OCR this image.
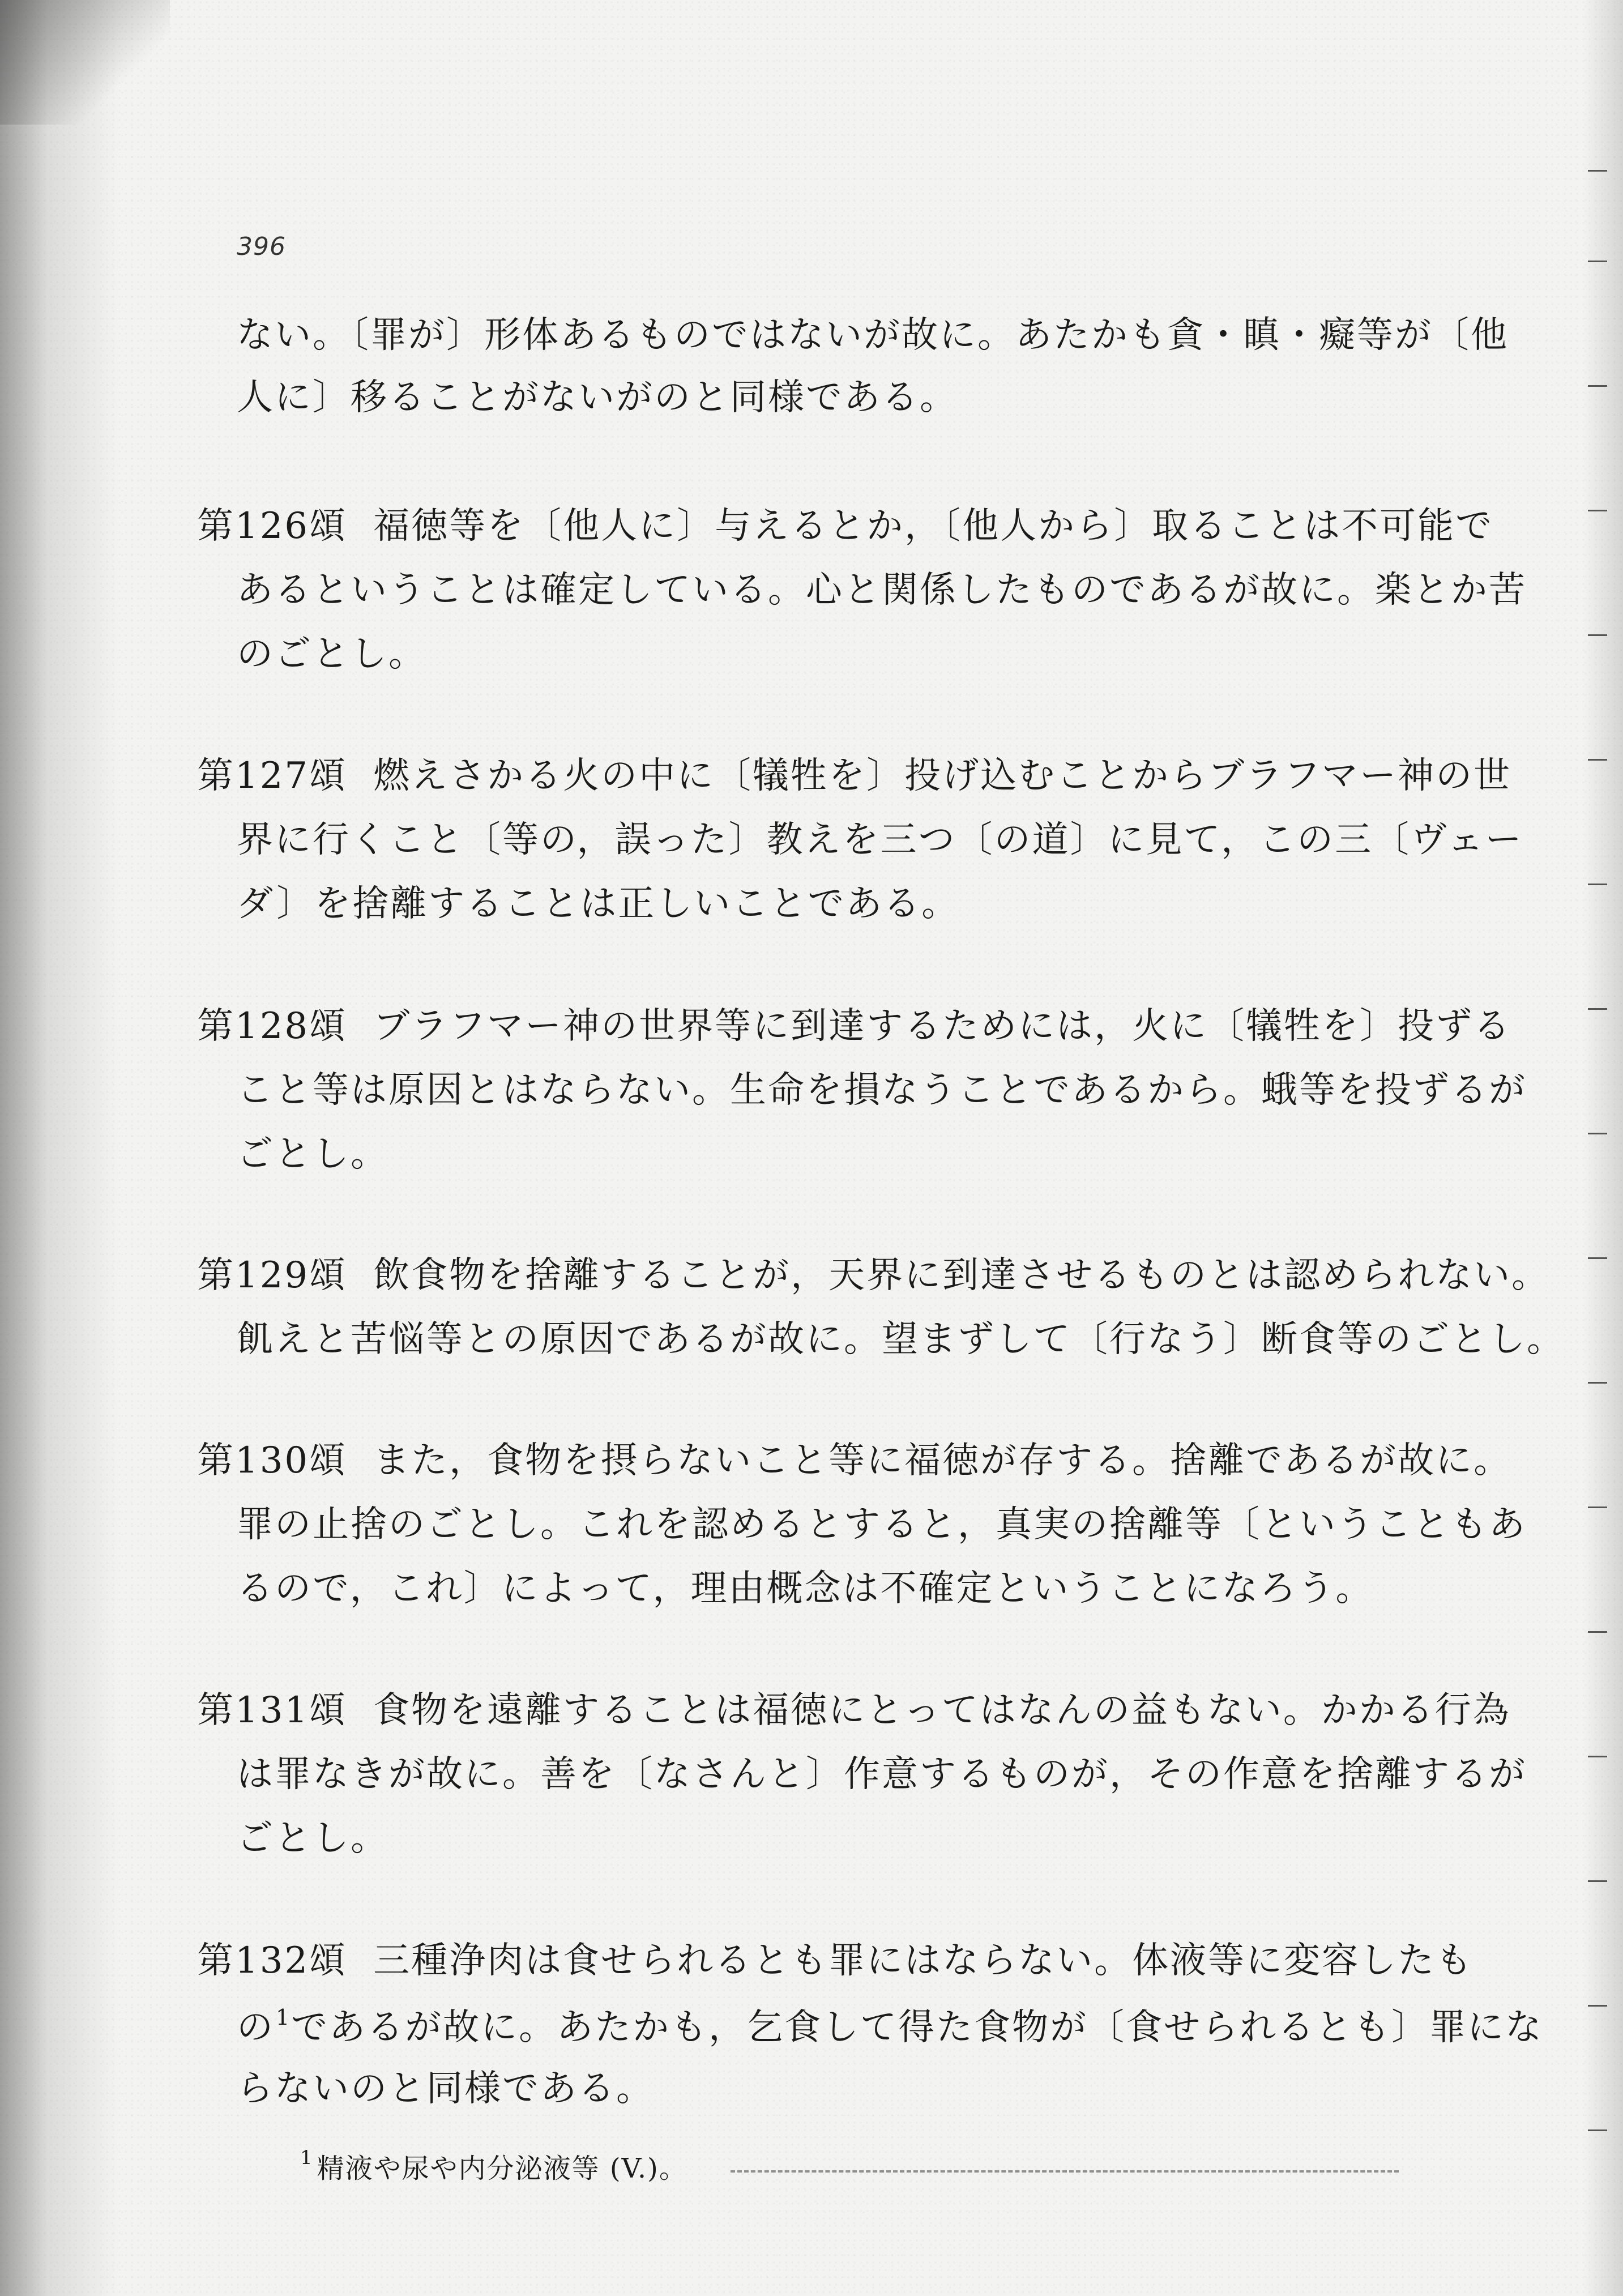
396
ない。〔罪が〕形体あるものではないが故に。あたかも貪・瞋・癡等が〔他
人に〕移ることがないがのと同様である。
第126頌 福徳等を〔他人に〕与えるとか，〔他人から〕取ることは不可能で
あるということは確定している。心と関係したものであるが故に。楽とか苦
のごとし。
第127頌 燃えさかる火の中に〔犠牲を〕投げ込むことからブラフマー神の世
界に行くこと〔等の，誤った〕教えを三つ〔の道〕に見て，この三〔ヴェー
ダ〕を捨離することは正しいことである。
第128頌 ブラフマー神の世界等に到達するためには，火に〔犠牲を〕投ずる
こと等は原因とはならない。生命を損なうことであるから。蛾等を投ずるが
ごとし。
第129頌 飲食物を捨離することが，天界に到達させるものとは認められない。
飢えと苦悩等との原因であるが故に。望まずして〔行なう〕断食等のごとし。
第130頌 また，食物を摂らないこと等に福徳が存する。捨離であるが故に。
罪の止捨のごとし。これを認めるとすると，真実の捨離等〔ということもあ
るので，これ〕によって，理由概念は不確定ということになろう。
第131頌 食物を遠離することは福徳にとってはなんの益もない。かかる行為
は罪なきが故に。善を〔なさんと〕作意するものが，その作意を捨離するが
ごとし。
第132頌 三種浄肉は食せられるとも罪にはならない。体液等に変容したも
の$^1$であるが故に。あたかも，乞食して得た食物が〔食せられるとも〕罪にな
らないのと同様である。
$^1$ 精液や尿や内分泌液等 (V.)。
